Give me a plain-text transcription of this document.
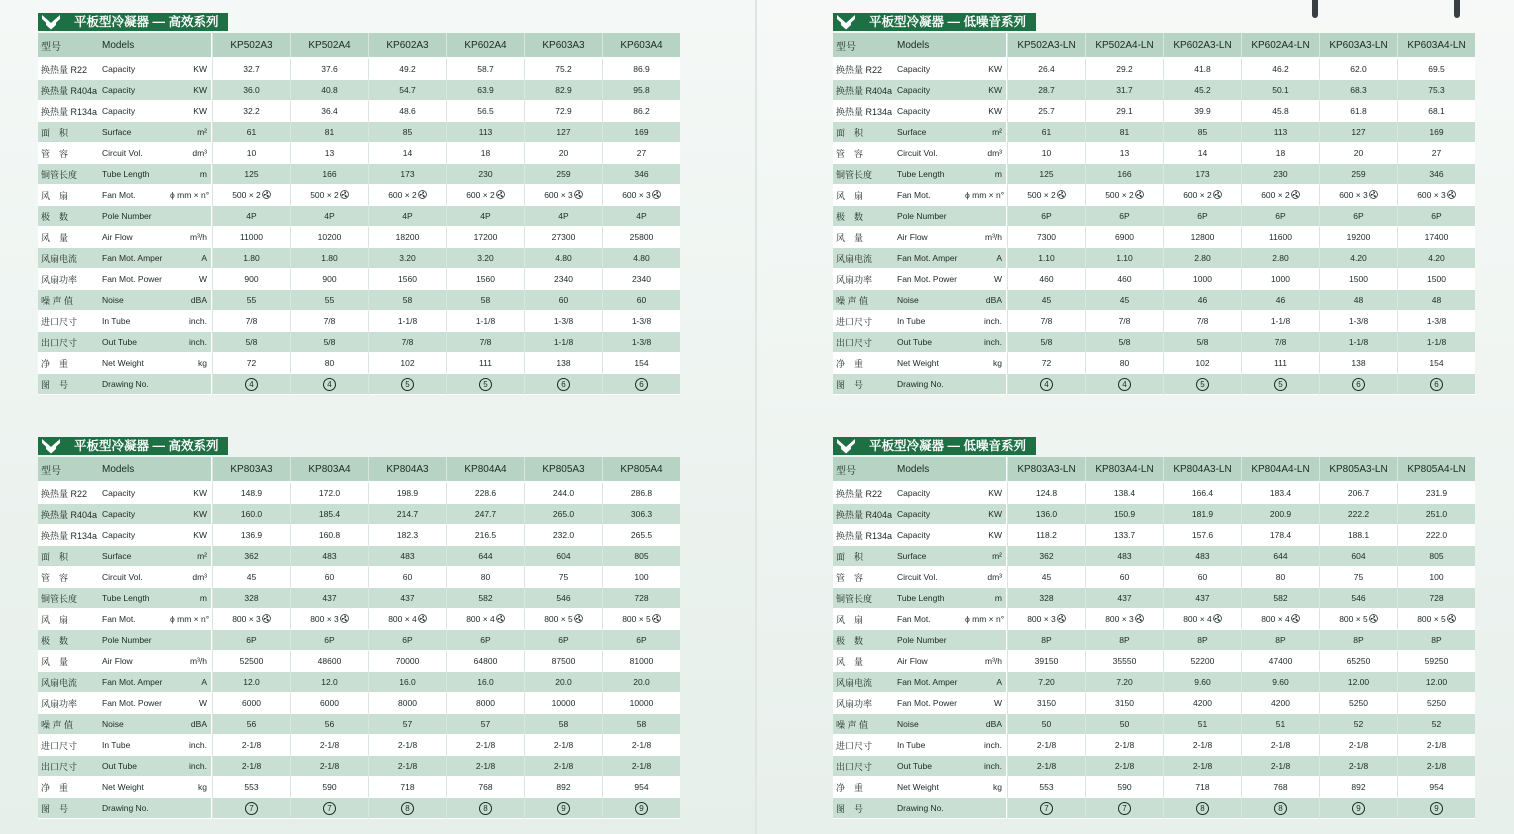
平板型冷凝器 — 高效系列
型号	Models		KP502A3	KP502A4	KP602A3	KP602A4	KP603A3	KP603A4
换热量 R22	Capacity	KW	32.7	37.6	49.2	58.7	75.2	86.9
换热量 R404a	Capacity	KW	36.0	40.8	54.7	63.9	82.9	95.8
换热量 R134a	Capacity	KW	32.2	36.4	48.6	56.5	72.9	86.2
面　积	Surface	m²	61	81	85	113	127	169
管　容	Circuit Vol.	dm³	10	13	14	18	20	27
铜管长度	Tube Length	m	125	166	173	230	259	346
风　扇	Fan Mot.	ϕ mm × n°	500 × 2	500 × 2	600 × 2	600 × 2	600 × 3	600 × 3
极　数	Pole Number		4P	4P	4P	4P	4P	4P
风　量	Air Flow	m³/h	11000	10200	18200	17200	27300	25800
风扇电流	Fan Mot. Amper	A	1.80	1.80	3.20	3.20	4.80	4.80
风扇功率	Fan Mot. Power	W	900	900	1560	1560	2340	2340
噪 声 值	Noise	dBA	55	55	58	58	60	60
进口尺寸	In Tube	inch.	7/8	7/8	1-1/8	1-1/8	1-3/8	1-3/8
出口尺寸	Out Tube	inch.	5/8	5/8	7/8	7/8	1-1/8	1-3/8
净　重	Net Weight	kg	72	80	102	111	138	154
图　号	Drawing No.		4	4	5	5	6	6
平板型冷凝器 — 低噪音系列
型号	Models		KP502A3-LN	KP502A4-LN	KP602A3-LN	KP602A4-LN	KP603A3-LN	KP603A4-LN
换热量 R22	Capacity	KW	26.4	29.2	41.8	46.2	62.0	69.5
换热量 R404a	Capacity	KW	28.7	31.7	45.2	50.1	68.3	75.3
换热量 R134a	Capacity	KW	25.7	29.1	39.9	45.8	61.8	68.1
面　积	Surface	m²	61	81	85	113	127	169
管　容	Circuit Vol.	dm³	10	13	14	18	20	27
铜管长度	Tube Length	m	125	166	173	230	259	346
风　扇	Fan Mot.	ϕ mm × n°	500 × 2	500 × 2	600 × 2	600 × 2	600 × 3	600 × 3
极　数	Pole Number		6P	6P	6P	6P	6P	6P
风　量	Air Flow	m³/h	7300	6900	12800	11600	19200	17400
风扇电流	Fan Mot. Amper	A	1.10	1.10	2.80	2.80	4.20	4.20
风扇功率	Fan Mot. Power	W	460	460	1000	1000	1500	1500
噪 声 值	Noise	dBA	45	45	46	46	48	48
进口尺寸	In Tube	inch.	7/8	7/8	7/8	1-1/8	1-3/8	1-3/8
出口尺寸	Out Tube	inch.	5/8	5/8	5/8	7/8	1-1/8	1-1/8
净　重	Net Weight	kg	72	80	102	111	138	154
图　号	Drawing No.		4	4	5	5	6	6
平板型冷凝器 — 高效系列
型号	Models		KP803A3	KP803A4	KP804A3	KP804A4	KP805A3	KP805A4
换热量 R22	Capacity	KW	148.9	172.0	198.9	228.6	244.0	286.8
换热量 R404a	Capacity	KW	160.0	185.4	214.7	247.7	265.0	306.3
换热量 R134a	Capacity	KW	136.9	160.8	182.3	216.5	232.0	265.5
面　积	Surface	m²	362	483	483	644	604	805
管　容	Circuit Vol.	dm³	45	60	60	80	75	100
铜管长度	Tube Length	m	328	437	437	582	546	728
风　扇	Fan Mot.	ϕ mm × n°	800 × 3	800 × 3	800 × 4	800 × 4	800 × 5	800 × 5
极　数	Pole Number		6P	6P	6P	6P	6P	6P
风　量	Air Flow	m³/h	52500	48600	70000	64800	87500	81000
风扇电流	Fan Mot. Amper	A	12.0	12.0	16.0	16.0	20.0	20.0
风扇功率	Fan Mot. Power	W	6000	6000	8000	8000	10000	10000
噪 声 值	Noise	dBA	56	56	57	57	58	58
进口尺寸	In Tube	inch.	2-1/8	2-1/8	2-1/8	2-1/8	2-1/8	2-1/8
出口尺寸	Out Tube	inch.	2-1/8	2-1/8	2-1/8	2-1/8	2-1/8	2-1/8
净　重	Net Weight	kg	553	590	718	768	892	954
图　号	Drawing No.		7	7	8	8	9	9
平板型冷凝器 — 低噪音系列
型号	Models		KP803A3-LN	KP803A4-LN	KP804A3-LN	KP804A4-LN	KP805A3-LN	KP805A4-LN
换热量 R22	Capacity	KW	124.8	138.4	166.4	183.4	206.7	231.9
换热量 R404a	Capacity	KW	136.0	150.9	181.9	200.9	222.2	251.0
换热量 R134a	Capacity	KW	118.2	133.7	157.6	178.4	188.1	222.0
面　积	Surface	m²	362	483	483	644	604	805
管　容	Circuit Vol.	dm³	45	60	60	80	75	100
铜管长度	Tube Length	m	328	437	437	582	546	728
风　扇	Fan Mot.	ϕ mm × n°	800 × 3	800 × 3	800 × 4	800 × 4	800 × 5	800 × 5
极　数	Pole Number		8P	8P	8P	8P	8P	8P
风　量	Air Flow	m³/h	39150	35550	52200	47400	65250	59250
风扇电流	Fan Mot. Amper	A	7.20	7.20	9.60	9.60	12.00	12.00
风扇功率	Fan Mot. Power	W	3150	3150	4200	4200	5250	5250
噪 声 值	Noise	dBA	50	50	51	51	52	52
进口尺寸	In Tube	inch.	2-1/8	2-1/8	2-1/8	2-1/8	2-1/8	2-1/8
出口尺寸	Out Tube	inch.	2-1/8	2-1/8	2-1/8	2-1/8	2-1/8	2-1/8
净　重	Net Weight	kg	553	590	718	768	892	954
图　号	Drawing No.		7	7	8	8	9	9
